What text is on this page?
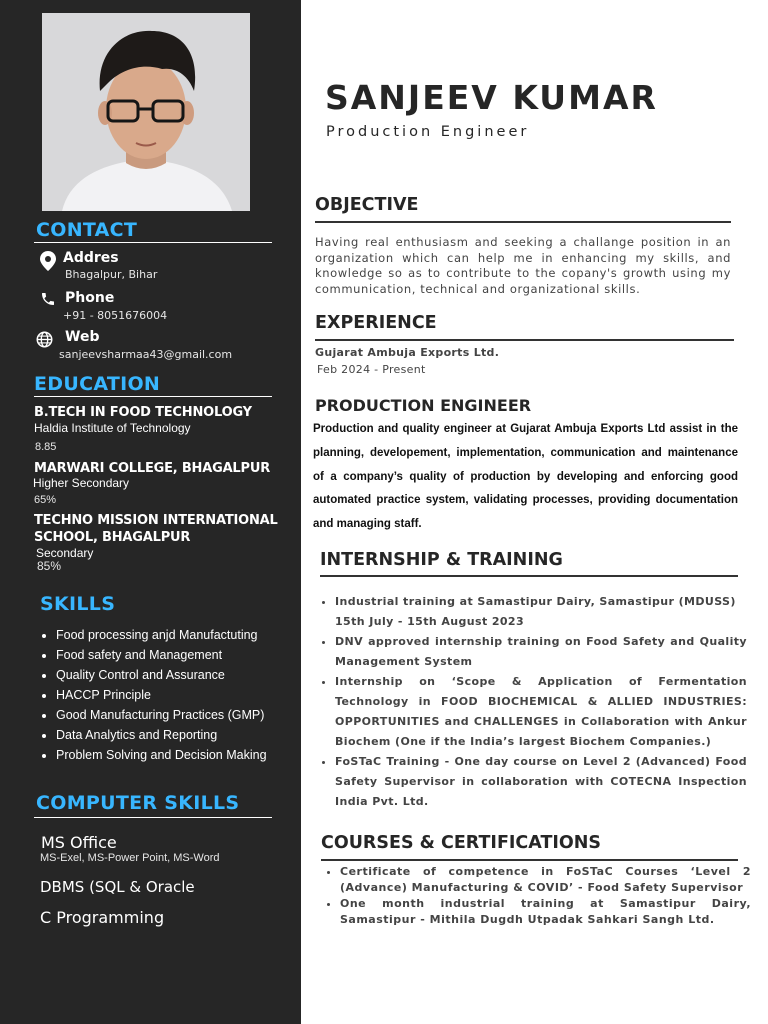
CONTACT
Addres
Bhagalpur, Bihar
Phone
+91 - 8051676004
Web
sanjeevsharmaa43@gmail.com
EDUCATION
B.TECH IN FOOD TECHNOLOGY
Haldia Institute of Technology
8.85
MARWARI COLLEGE, BHAGALPUR
Higher Secondary
65%
TECHNO MISSION INTERNATIONAL
SCHOOL, BHAGALPUR
Secondary
85%
SKILLS
• Food processing anjd Manufactuting
• Food safety and Management
• Quality Control and Assurance
• HACCP Principle
• Good Manufacturing Practices (GMP)
• Data Analytics and Reporting
• Problem Solving and Decision Making
COMPUTER SKILLS
MS Office
MS-Exel, MS-Power Point, MS-Word
DBMS (SQL & Oracle
C Programming
SANJEEV KUMAR
Production Engineer
OBJECTIVE
Having real enthusiasm and seeking a challange position in an organization which can help me in enhancing my skills, and knowledge so as to contribute to the copany's growth using my communication, technical and organizational skills.
EXPERIENCE
Gujarat Ambuja Exports Ltd.
Feb 2024 - Present
PRODUCTION ENGINEER
Production and quality engineer at Gujarat Ambuja Exports Ltd assist in the planning, developement, implementation, communication and maintenance of a company’s quality of production by developing and enforcing good automated practice system, validating processes, providing documentation and managing staff.
INTERNSHIP & TRAINING
• Industrial training at Samastipur Dairy, Samastipur (MDUSS)  15th July - 15th August 2023
• DNV approved internship training on Food Safety and Quality Management System
• Internship on ‘Scope & Application of Fermentation Technology in FOOD BIOCHEMICAL & ALLIED INDUSTRIES: OPPORTUNITIES and CHALLENGES in Collaboration with Ankur Biochem (One if the India’s largest Biochem Companies.)
• FoSTaC Training - One day course on Level 2 (Advanced) Food Safety Supervisor in collaboration with COTECNA Inspection India Pvt. Ltd.
COURSES & CERTIFICATIONS
• Certificate of competence in FoSTaC Courses ‘Level 2 (Advance) Manufacturing & COVID’ - Food Safety Supervisor
• One month industrial training at Samastipur Dairy, Samastipur - Mithila Dugdh Utpadak Sahkari Sangh Ltd.
